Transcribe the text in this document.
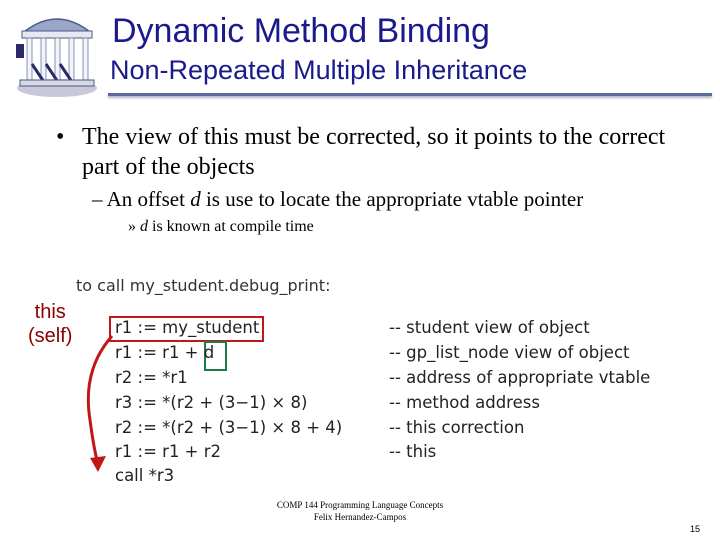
Dynamic Method Binding
Non-Repeated Multiple Inheritance
• The view of this must be corrected, so it points to the correct part of the objects
– An offset d is use to locate the appropriate vtable pointer
» d is known at compile time
to call my_student.debug_print:
this
(self)	r1 := my_student
r1 := r1 + d
r2 := *r1
r3 := *(r2 + (3−1) × 8)
r2 := *(r2 + (3−1) × 8 + 4)
r1 := r1 + r2
call *r3
-- student view of object
-- gp_list_node view of object
-- address of appropriate vtable
-- method address
-- this correction
-- this
COMP 144 Programming Language Concepts
Felix Hernandez-Campos
15
